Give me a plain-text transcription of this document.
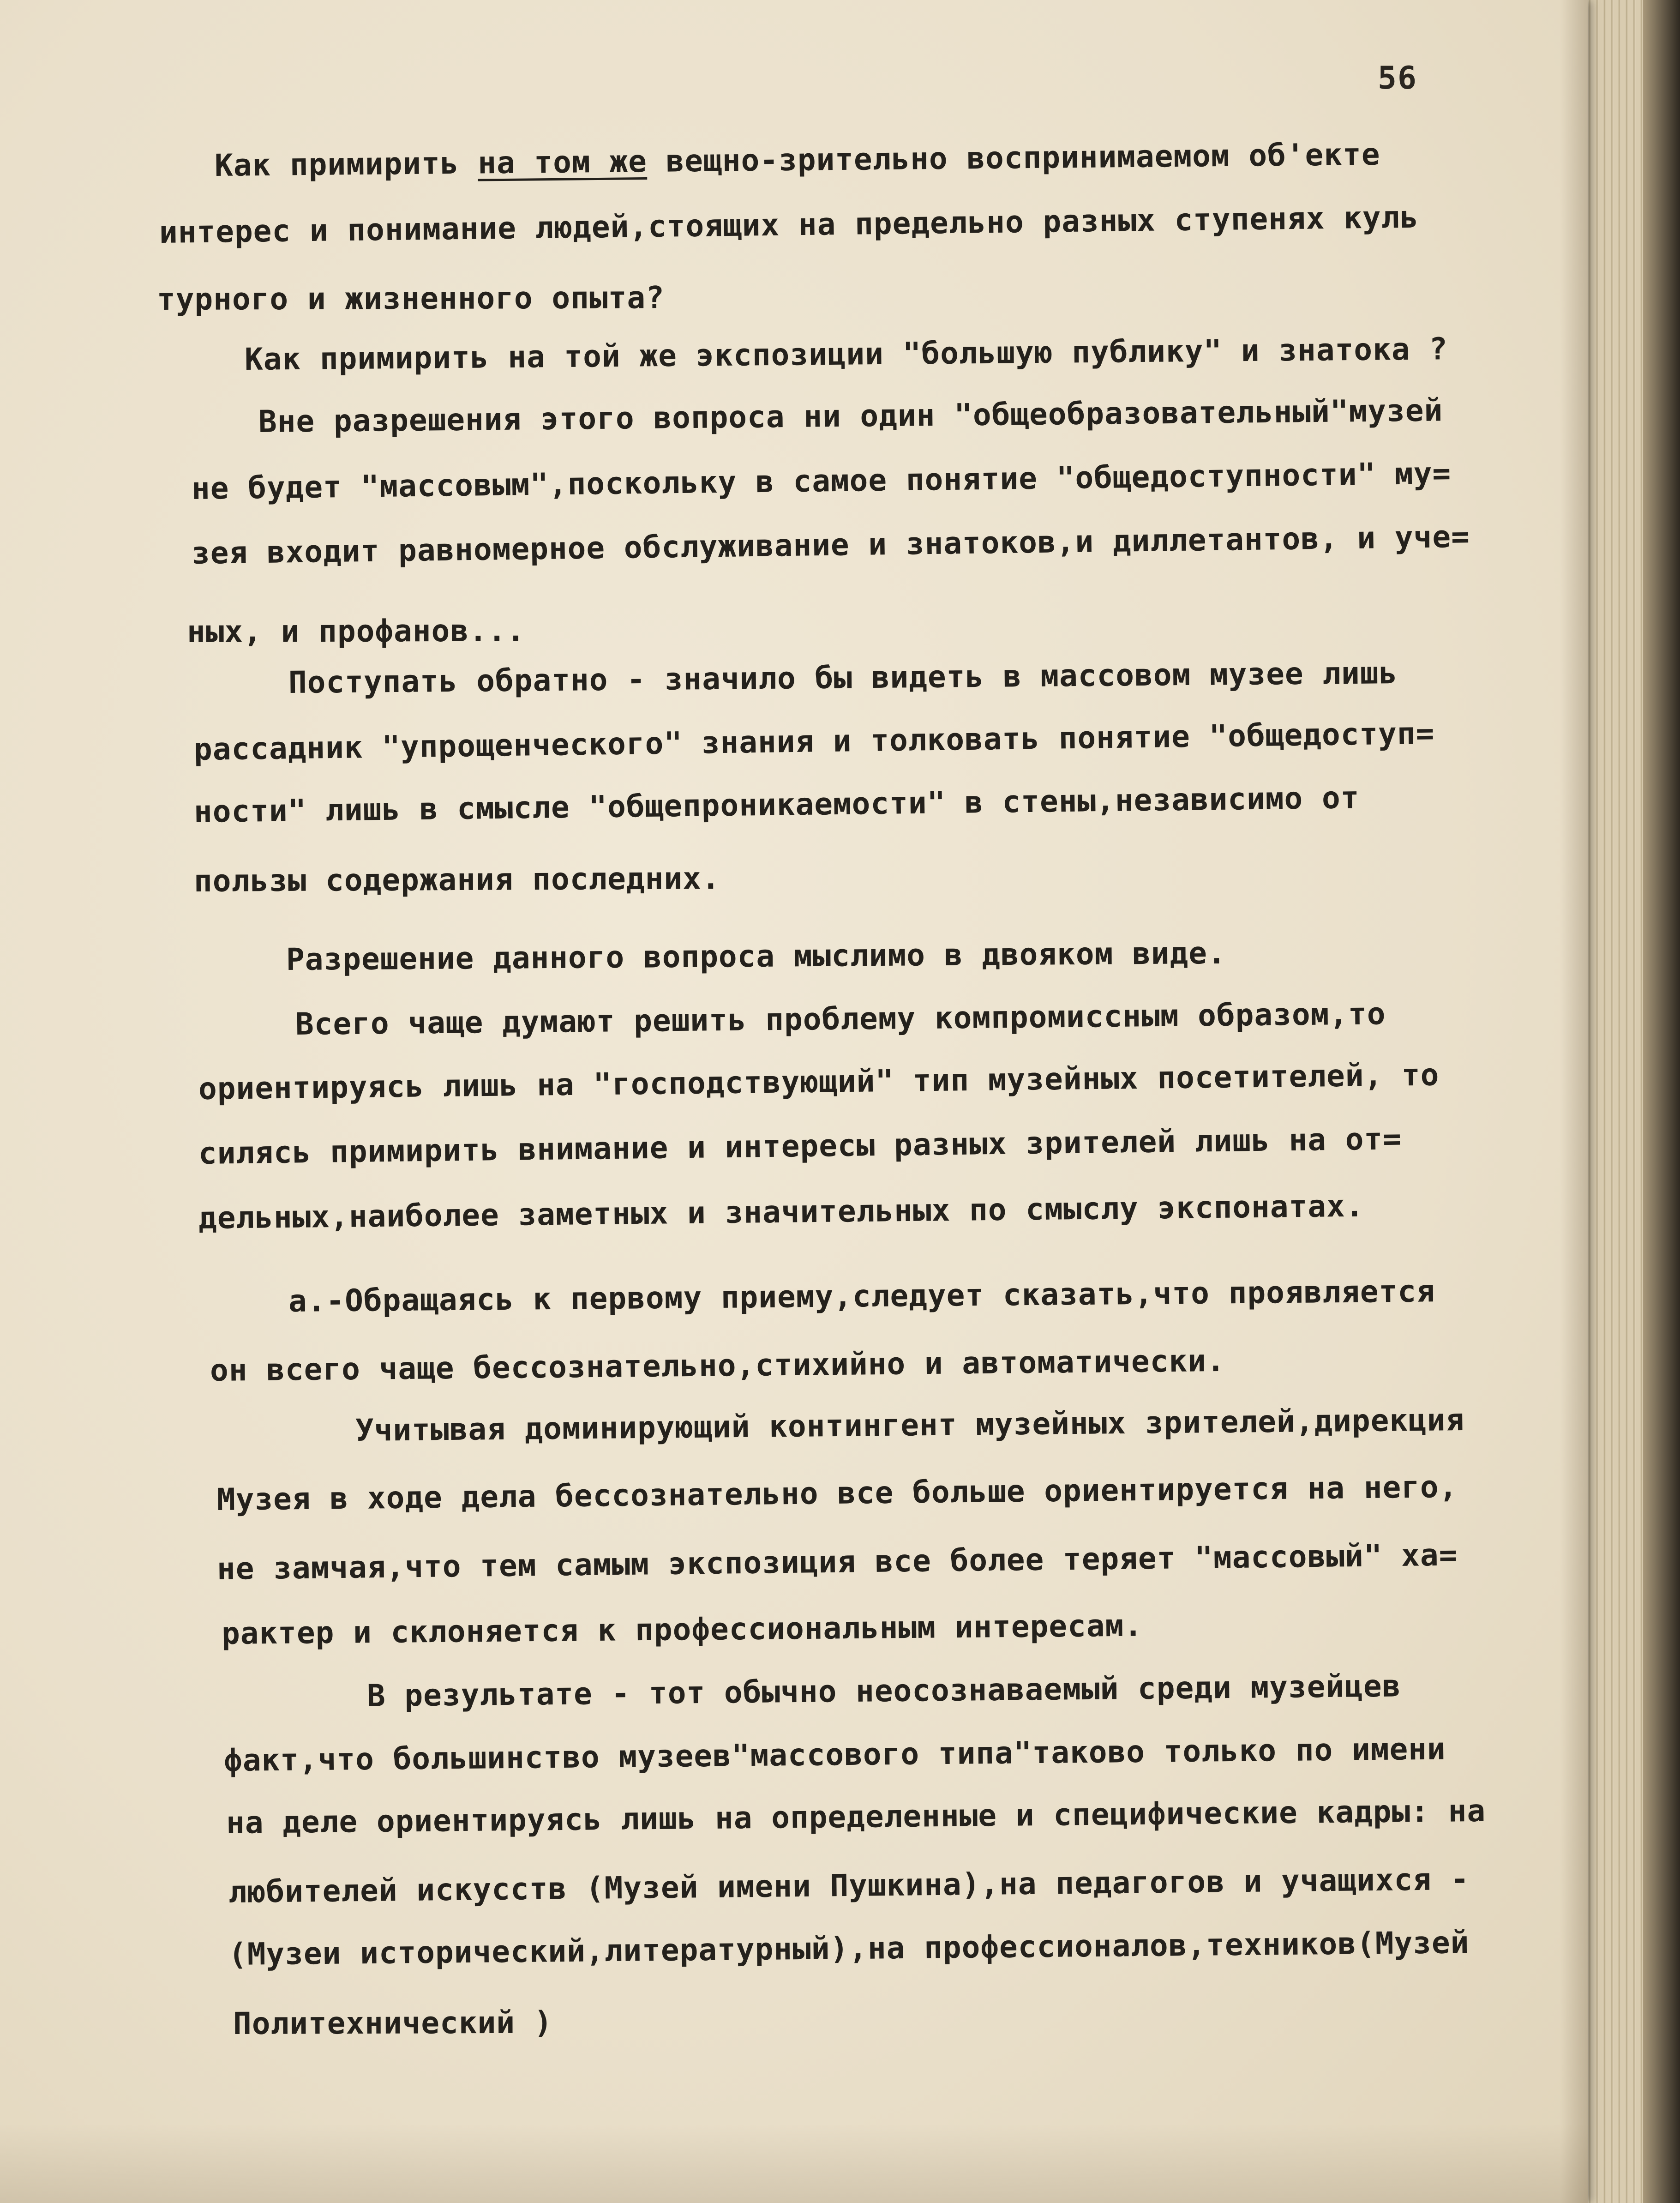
56
Как примирить на том же вещно-зрительно воспринимаемом об'екте
интерес и понимание людей,стоящих на предельно разных ступенях куль
турного и жизненного опыта?
Как примирить на той же экспозиции "большую публику" и знатока ?
Вне разрешения этого вопроса ни один "общеобразовательный"музей
не будет "массовым",поскольку в самое понятие "общедоступности" му=
зея входит равномерное обслуживание и знатоков,и диллетантов, и уче=
ных, и профанов...
Поступать обратно - значило бы видеть в массовом музее лишь
рассадник "упрощенческого" знания и толковать понятие "общедоступ=
ности" лишь в смысле "общепроникаемости" в стены,независимо от
пользы содержания последних.
Разрешение данного вопроса мыслимо в двояком виде.
Всего чаще думают решить проблему компромиссным образом,то
ориентируясь лишь на "господствующий" тип музейных посетителей, то
силясь примирить внимание и интересы разных зрителей лишь на от=
дельных,наиболее заметных и значительных по смыслу экспонатах.
а.-Обращаясь к первому приему,следует сказать,что проявляется
он всего чаще бессознательно,стихийно и автоматически.
Учитывая доминирующий контингент музейных зрителей,дирекция
Музея в ходе дела бессознательно все больше ориентируется на него,
не замчая,что тем самым экспозиция все более теряет "массовый" ха=
рактер и склоняется к профессиональным интересам.
В результате - тот обычно неосознаваемый среди музейцев
факт,что большинство музеев"массового типа"таково только по имени
на деле ориентируясь лишь на определенные и специфические кадры: на
любителей искусств (Музей имени Пушкина),на педагогов и учащихся -
(Музеи исторический,литературный),на профессионалов,техников(Музей
Политехнический )
